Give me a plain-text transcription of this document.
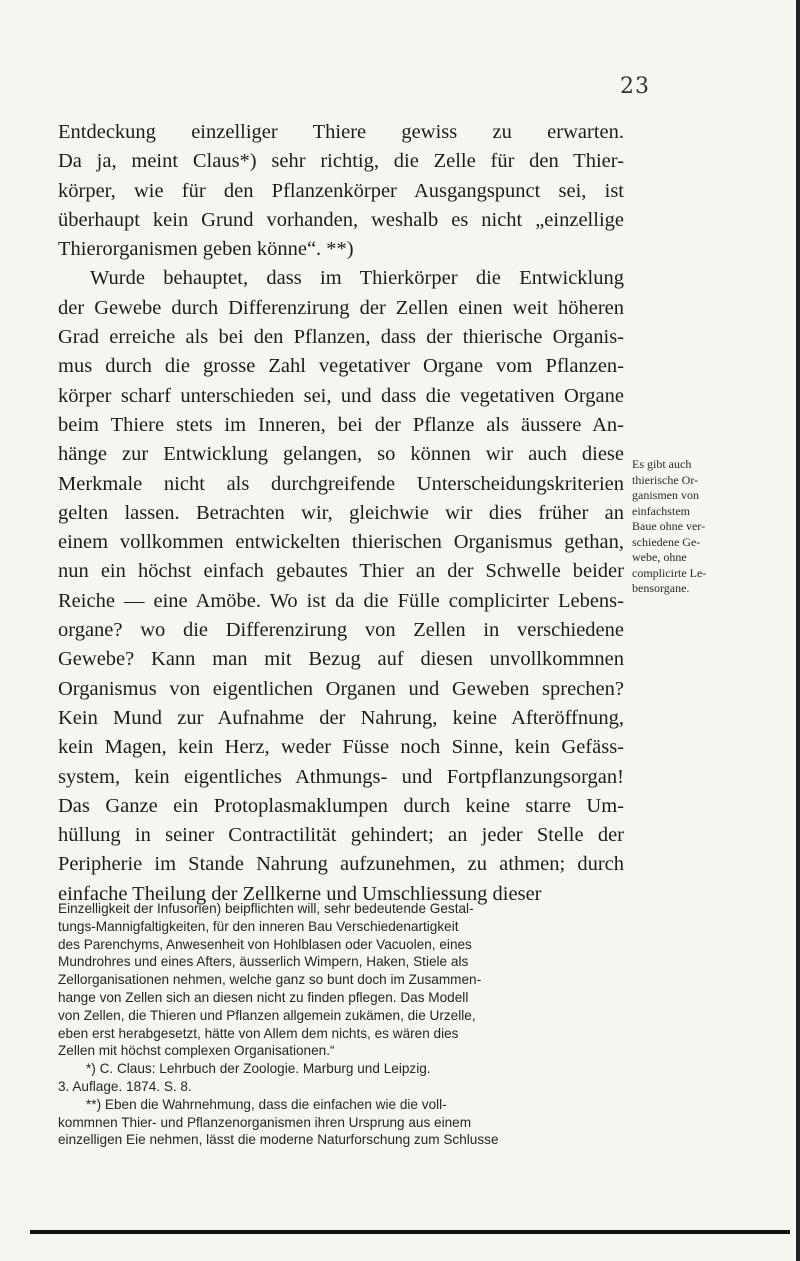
23
Entdeckung einzelliger Thiere gewiss zu erwarten.
Da ja, meint Claus*) sehr richtig, die Zelle für den Thier-
körper, wie für den Pflanzenkörper Ausgangspunct sei, ist
überhaupt kein Grund vorhanden, weshalb es nicht „einzellige
Thierorganismen geben könne“. **)
Wurde behauptet, dass im Thierkörper die Entwicklung
der Gewebe durch Differenzirung der Zellen einen weit höheren
Grad erreiche als bei den Pflanzen, dass der thierische Organis-
mus durch die grosse Zahl vegetativer Organe vom Pflanzen-
körper scharf unterschieden sei, und dass die vegetativen Organe
beim Thiere stets im Inneren, bei der Pflanze als äussere An-
hänge zur Entwicklung gelangen, so können wir auch diese
Merkmale nicht als durchgreifende Unterscheidungskriterien
gelten lassen. Betrachten wir, gleichwie wir dies früher an
einem vollkommen entwickelten thierischen Organismus gethan,
nun ein höchst einfach gebautes Thier an der Schwelle beider
Reiche — eine Amöbe. Wo ist da die Fülle complicirter Lebens-
organe? wo die Differenzirung von Zellen in verschiedene
Gewebe? Kann man mit Bezug auf diesen unvollkommnen
Organismus von eigentlichen Organen und Geweben sprechen?
Kein Mund zur Aufnahme der Nahrung, keine Afteröffnung,
kein Magen, kein Herz, weder Füsse noch Sinne, kein Gefäss-
system, kein eigentliches Athmungs- und Fortpflanzungsorgan!
Das Ganze ein Protoplasmaklumpen durch keine starre Um-
hüllung in seiner Contractilität gehindert; an jeder Stelle der
Peripherie im Stande Nahrung aufzunehmen, zu athmen; durch
einfache Theilung der Zellkerne und Umschliessung dieser
Es gibt auch
thierische Or-
ganismen von
einfachstem
Baue ohne ver-
schiedene Ge-
webe, ohne
complicirte Le-
bensorgane.
Einzelligkeit der Infusorien) beipflichten will, sehr bedeutende Gestal-
tungs-Mannigfaltigkeiten, für den inneren Bau Verschiedenartigkeit
des Parenchyms, Anwesenheit von Hohlblasen oder Vacuolen, eines
Mundrohres und eines Afters, äusserlich Wimpern, Haken, Stiele als
Zellorganisationen nehmen, welche ganz so bunt doch im Zusammen-
hange von Zellen sich an diesen nicht zu finden pflegen. Das Modell
von Zellen, die Thieren und Pflanzen allgemein zukämen, die Urzelle,
eben erst herabgesetzt, hätte von Allem dem nichts, es wären dies
Zellen mit höchst complexen Organisationen.“
*) C. Claus: Lehrbuch der Zoologie. Marburg und Leipzig.
3. Auflage. 1874. S. 8.
**) Eben die Wahrnehmung, dass die einfachen wie die voll-
kommnen Thier- und Pflanzenorganismen ihren Ursprung aus einem
einzelligen Eie nehmen, lässt die moderne Naturforschung zum Schlusse
